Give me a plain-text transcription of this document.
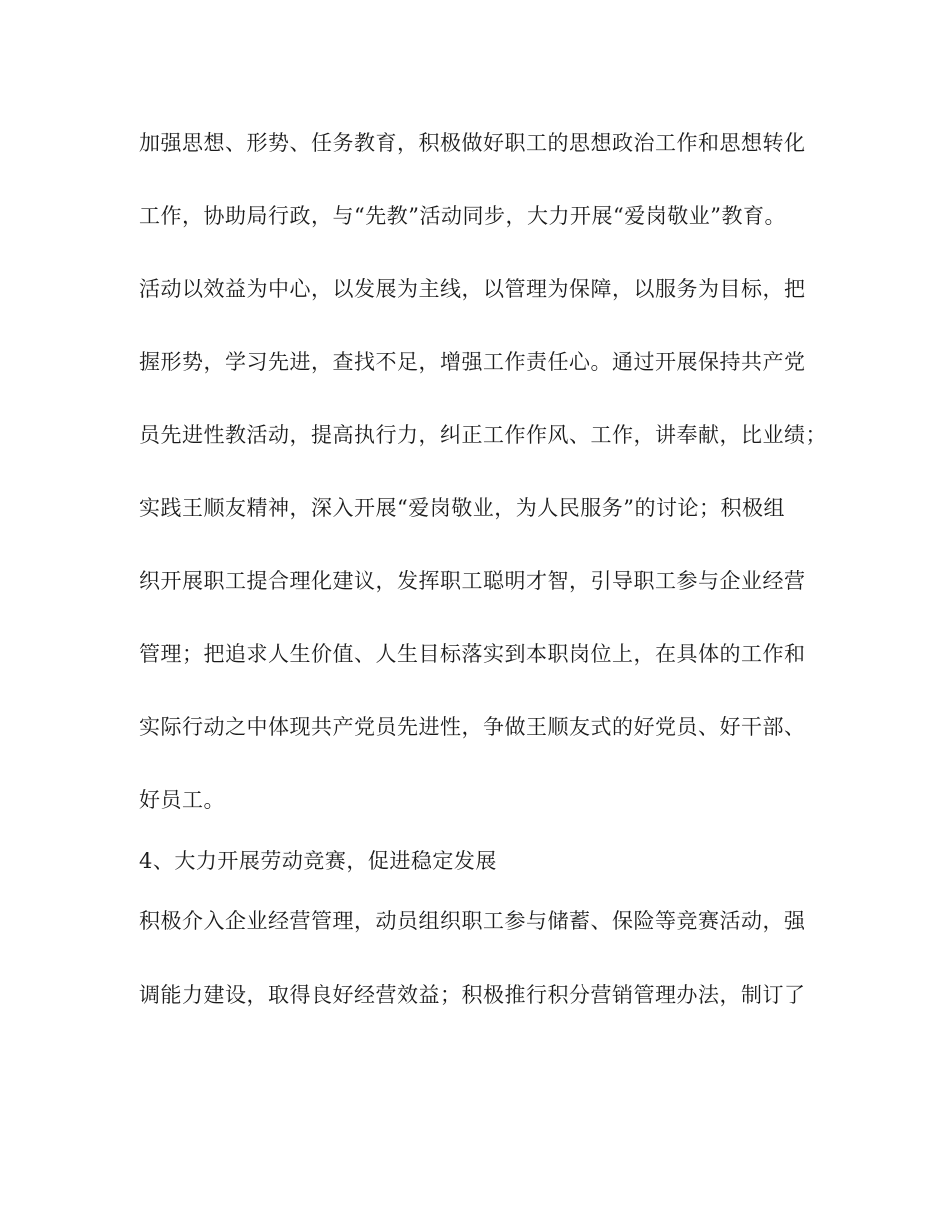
加强思想、形势、任务教育，积极做好职工的思想政治工作和思想转化
工作，协助局行政，与“先教”活动同步，大力开展“爱岗敬业”教育。
活动以效益为中心，以发展为主线，以管理为保障，以服务为目标，把
握形势，学习先进，查找不足，增强工作责任心。通过开展保持共产党
员先进性教活动，提高执行力，纠正工作作风、工作，讲奉献，比业绩；
实践王顺友精神，深入开展“爱岗敬业，为人民服务”的讨论；积极组
织开展职工提合理化建议，发挥职工聪明才智，引导职工参与企业经营
管理；把追求人生价值、人生目标落实到本职岗位上，在具体的工作和
实际行动之中体现共产党员先进性，争做王顺友式的好党员、好干部、
好员工。
4、大力开展劳动竞赛，促进稳定发展
积极介入企业经营管理，动员组织职工参与储蓄、保险等竞赛活动，强
调能力建设，取得良好经营效益；积极推行积分营销管理办法，制订了
